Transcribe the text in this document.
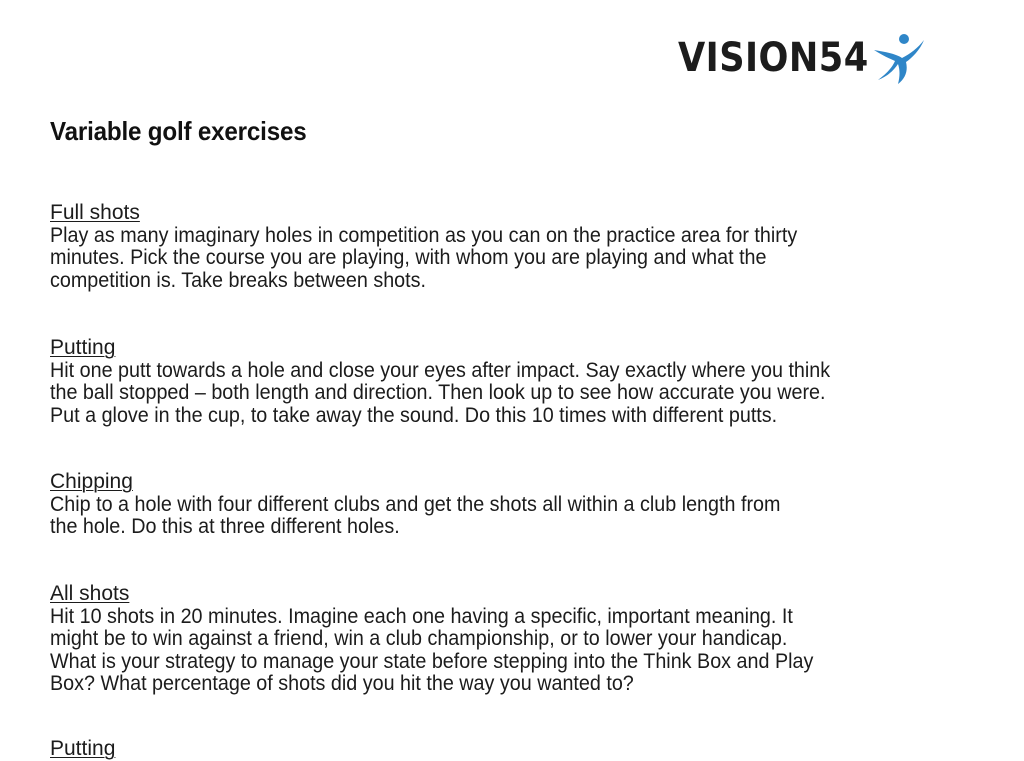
VISION54
Variable golf exercises
Full shots
Play as many imaginary holes in competition as you can on the practice area for thirty
minutes. Pick the course you are playing, with whom you are playing and what the
competition is. Take breaks between shots.
Putting
Hit one putt towards a hole and close your eyes after impact. Say exactly where you think
the ball stopped – both length and direction. Then look up to see how accurate you were.
Put a glove in the cup, to take away the sound. Do this 10 times with different putts.
Chipping
Chip to a hole with four different clubs and get the shots all within a club length from
the hole. Do this at three different holes.
All shots
Hit 10 shots in 20 minutes. Imagine each one having a specific, important meaning. It
might be to win against a friend, win a club championship, or to lower your handicap.
What is your strategy to manage your state before stepping into the Think Box and Play
Box? What percentage of shots did you hit the way you wanted to?
Putting
